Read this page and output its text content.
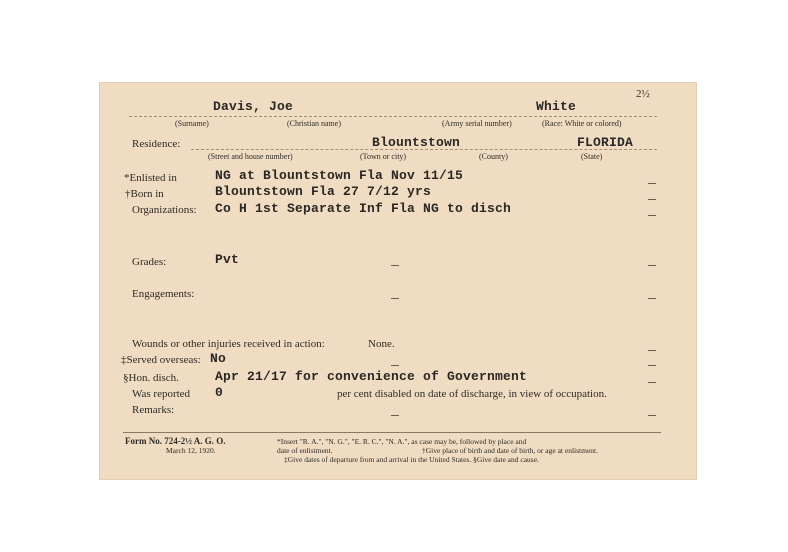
2½
Davis, Joe	White
(Surname)	(Christian name)	(Army serial number)	(Race: White or colored)
Residence:	Blountstown	FLORIDA
(Street and house number)	(Town or city)	(County)	(State)
*Enlisted in	NG at Blountstown Fla Nov 11/15
†Born in	Blountstown Fla 27 7/12 yrs
Organizations: Co H 1st Separate Inf Fla NG to disch
Grades:	Pvt
Engagements:
Wounds or other injuries received in action:	None.
‡Served overseas: No
§Hon. disch.	Apr 21/17 for convenience of Government
Was reported 0	per cent disabled on date of discharge, in view of occupation.
Remarks:
Form No. 724-2½ A. G. O.
March 12, 1920.
*Insert "R. A.", "N. G.", "E. R. C.", "N. A.", as case may be, followed by place and
date of enlistment.	†Give place of birth and date of birth, or age at enlistment.
‡Give dates of departure from and arrival in the United States. §Give date and cause.
